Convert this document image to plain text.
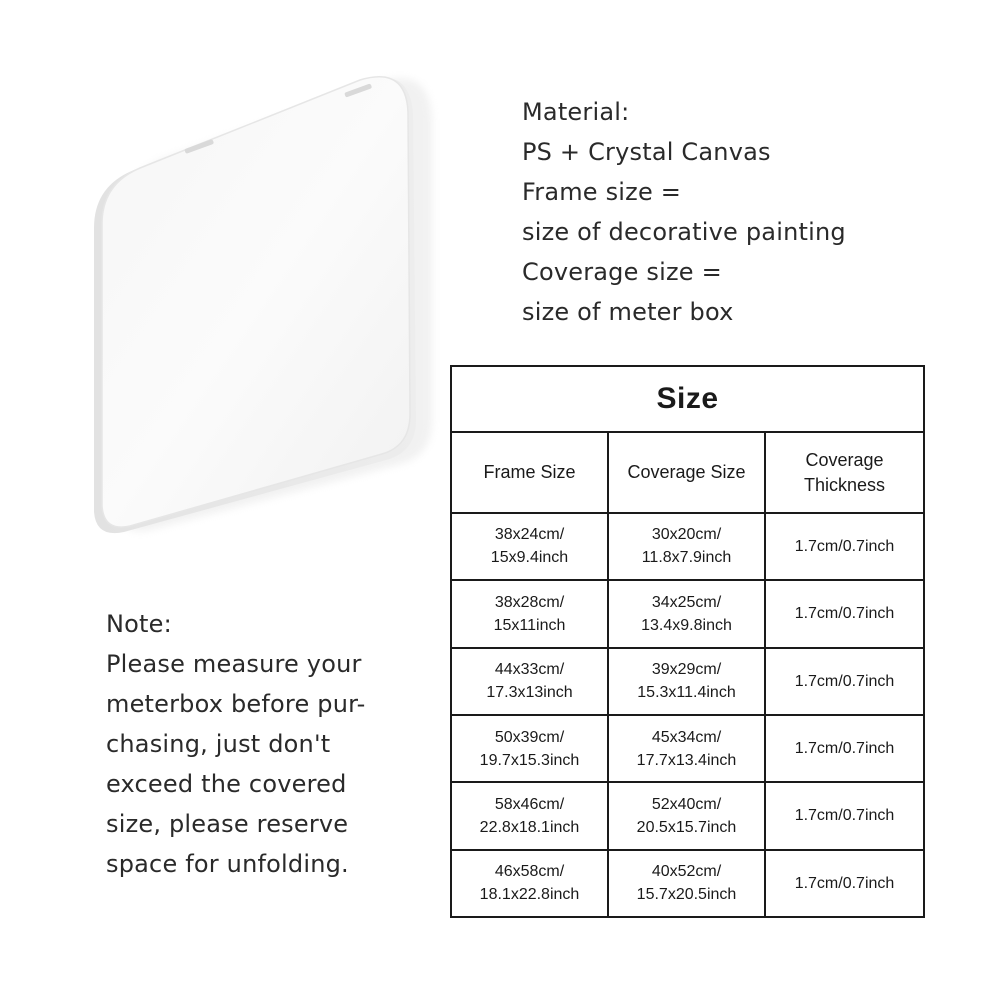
Material:
PS + Crystal Canvas
Frame size =
size of decorative painting
Coverage size =
size of meter box
Note:
Please measure your
meterbox before pur-
chasing, just don't
exceed the covered
size, please reserve
space for unfolding.
Size		
Frame Size	Coverage Size	Coverage Thickness

38x24cm/
15x9.4inch	30x20cm/
11.8x7.9inch	1.7cm/0.7inch

38x28cm/
15x11inch	34x25cm/
13.4x9.8inch	1.7cm/0.7inch

44x33cm/
17.3x13inch	39x29cm/
15.3x11.4inch	1.7cm/0.7inch

50x39cm/
19.7x15.3inch	45x34cm/
17.7x13.4inch	1.7cm/0.7inch

58x46cm/
22.8x18.1inch	52x40cm/
20.5x15.7inch	1.7cm/0.7inch

46x58cm/
18.1x22.8inch	40x52cm/
15.7x20.5inch	1.7cm/0.7inch
